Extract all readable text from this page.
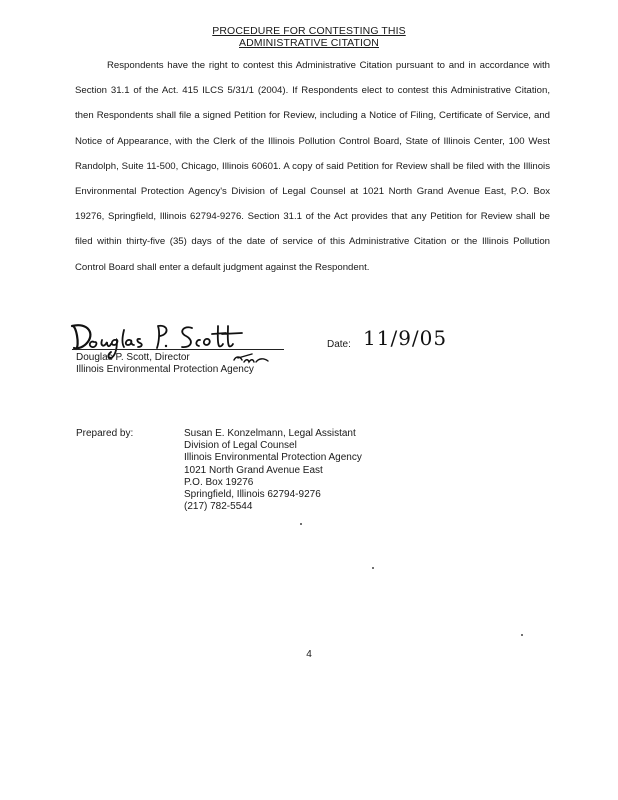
PROCEDURE FOR CONTESTING THIS
ADMINISTRATIVE CITATION

Respondents have the right to contest this Administrative Citation pursuant to and in accordance with Section 31.1 of the Act. 415 ILCS 5/31/1 (2004). If Respondents elect to contest this Administrative Citation, then Respondents shall file a signed Petition for Review, including a Notice of Filing, Certificate of Service, and Notice of Appearance, with the Clerk of the Illinois Pollution Control Board, State of Illinois Center, 100 West Randolph, Suite 11-500, Chicago, Illinois 60601. A copy of said Petition for Review shall be filed with the Illinois Environmental Protection Agency's Division of Legal Counsel at 1021 North Grand Avenue East, P.O. Box 19276, Springfield, Illinois 62794-9276. Section 31.1 of the Act provides that any Petition for Review shall be filed within thirty-five (35) days of the date of service of this Administrative Citation or the Illinois Pollution Control Board shall enter a default judgment against the Respondent.

Douglas P. Scott, Director
Illinois Environmental Protection Agency
Date: 11/9/05
Prepared by:	Susan E. Konzelmann, Legal Assistant
Division of Legal Counsel
Illinois Environmental Protection Agency
1021 North Grand Avenue East
P.O. Box 19276
Springfield, Illinois 62794-9276
(217) 782-5544
4
